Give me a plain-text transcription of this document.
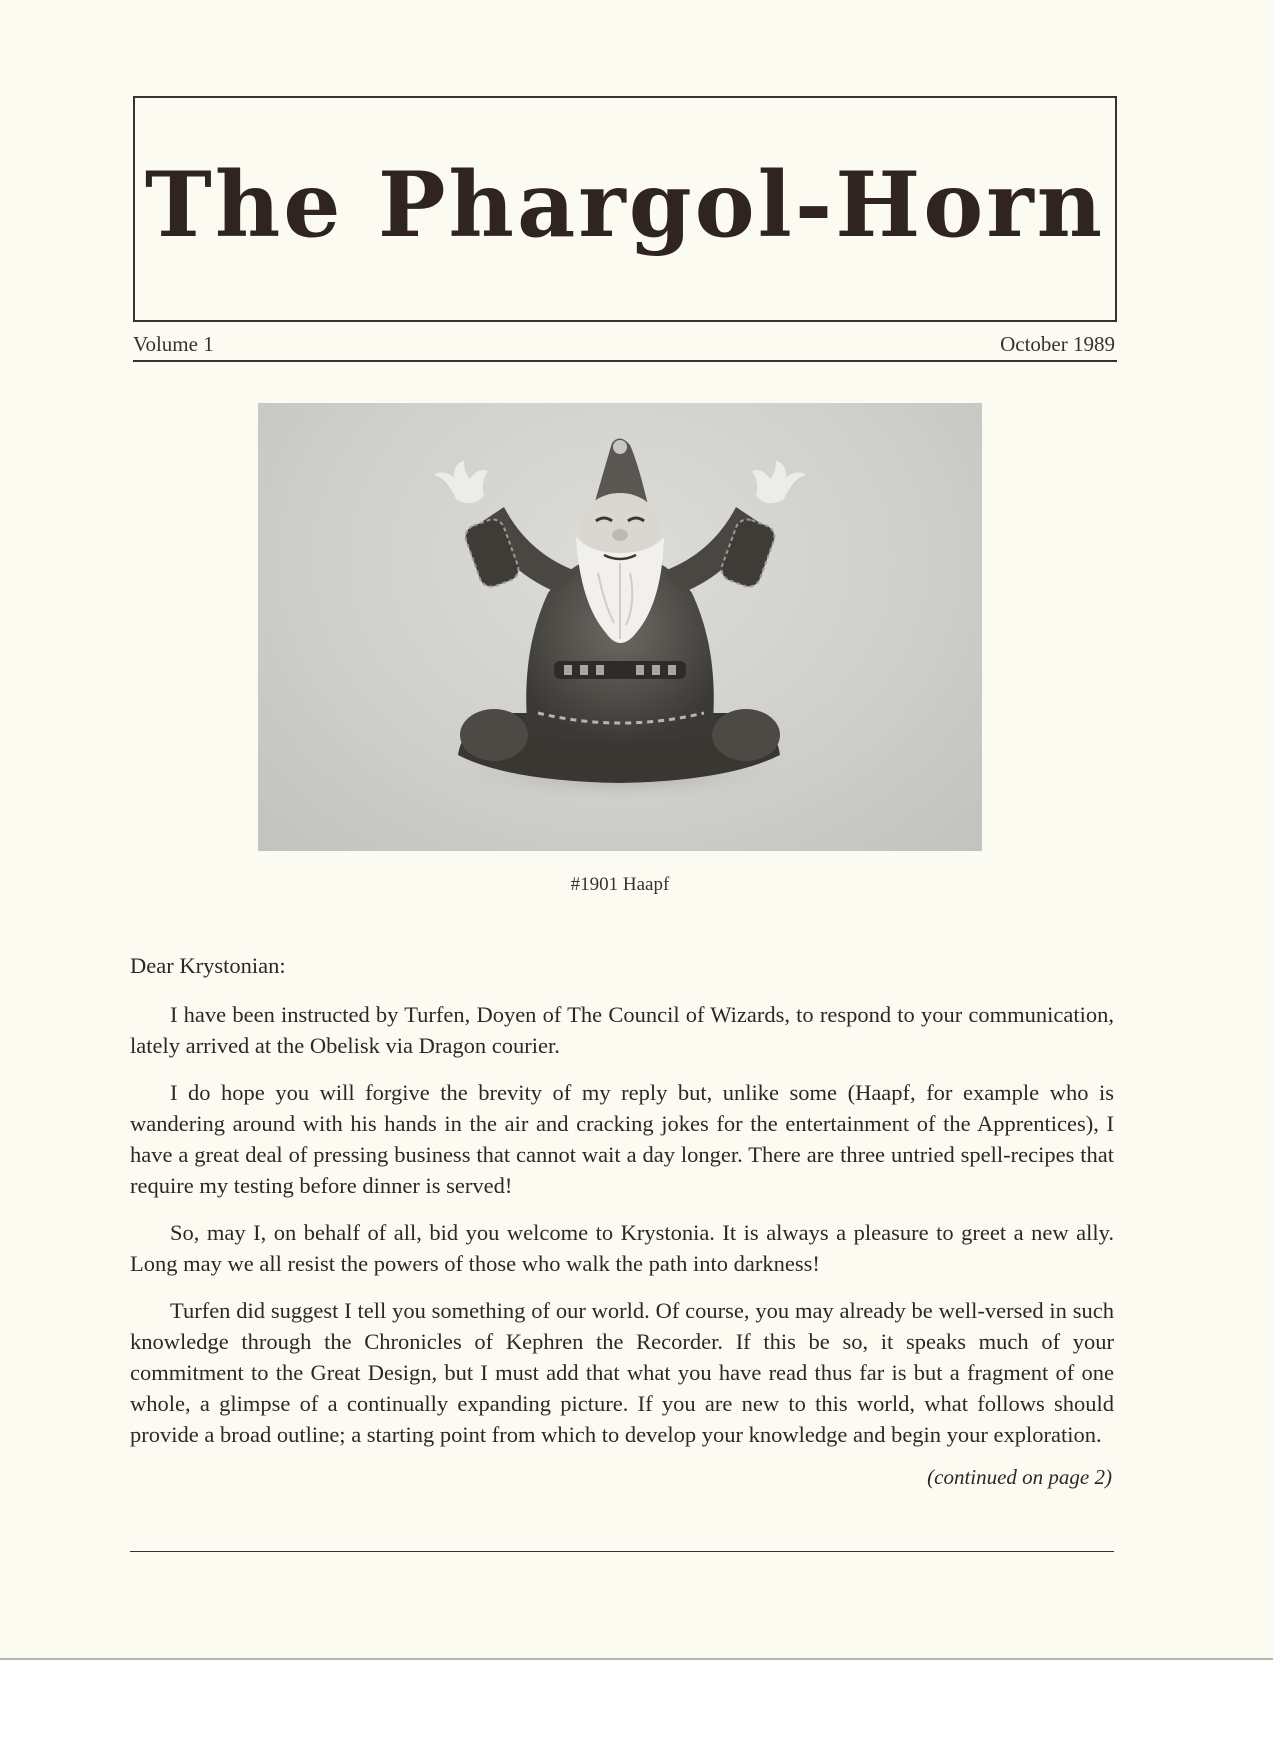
The Phargol-Horn
Volume 1	October 1989
#1901 Haapf

Dear Krystonian:

I have been instructed by Turfen, Doyen of The Council of Wizards, to respond to your communication, lately arrived at the Obelisk via Dragon courier.

I do hope you will forgive the brevity of my reply but, unlike some (Haapf, for example who is wandering around with his hands in the air and cracking jokes for the entertainment of the Apprentices), I have a great deal of pressing business that cannot wait a day longer. There are three untried spell-recipes that require my testing before dinner is served!

So, may I, on behalf of all, bid you welcome to Krystonia. It is always a pleasure to greet a new ally. Long may we all resist the powers of those who walk the path into darkness!

Turfen did suggest I tell you something of our world. Of course, you may already be well-versed in such knowledge through the Chronicles of Kephren the Recorder. If this be so, it speaks much of your commitment to the Great Design, but I must add that what you have read thus far is but a fragment of one whole, a glimpse of a continually expanding picture. If you are new to this world, what follows should provide a broad outline; a starting point from which to develop your knowledge and begin your exploration.

(continued on page 2)
